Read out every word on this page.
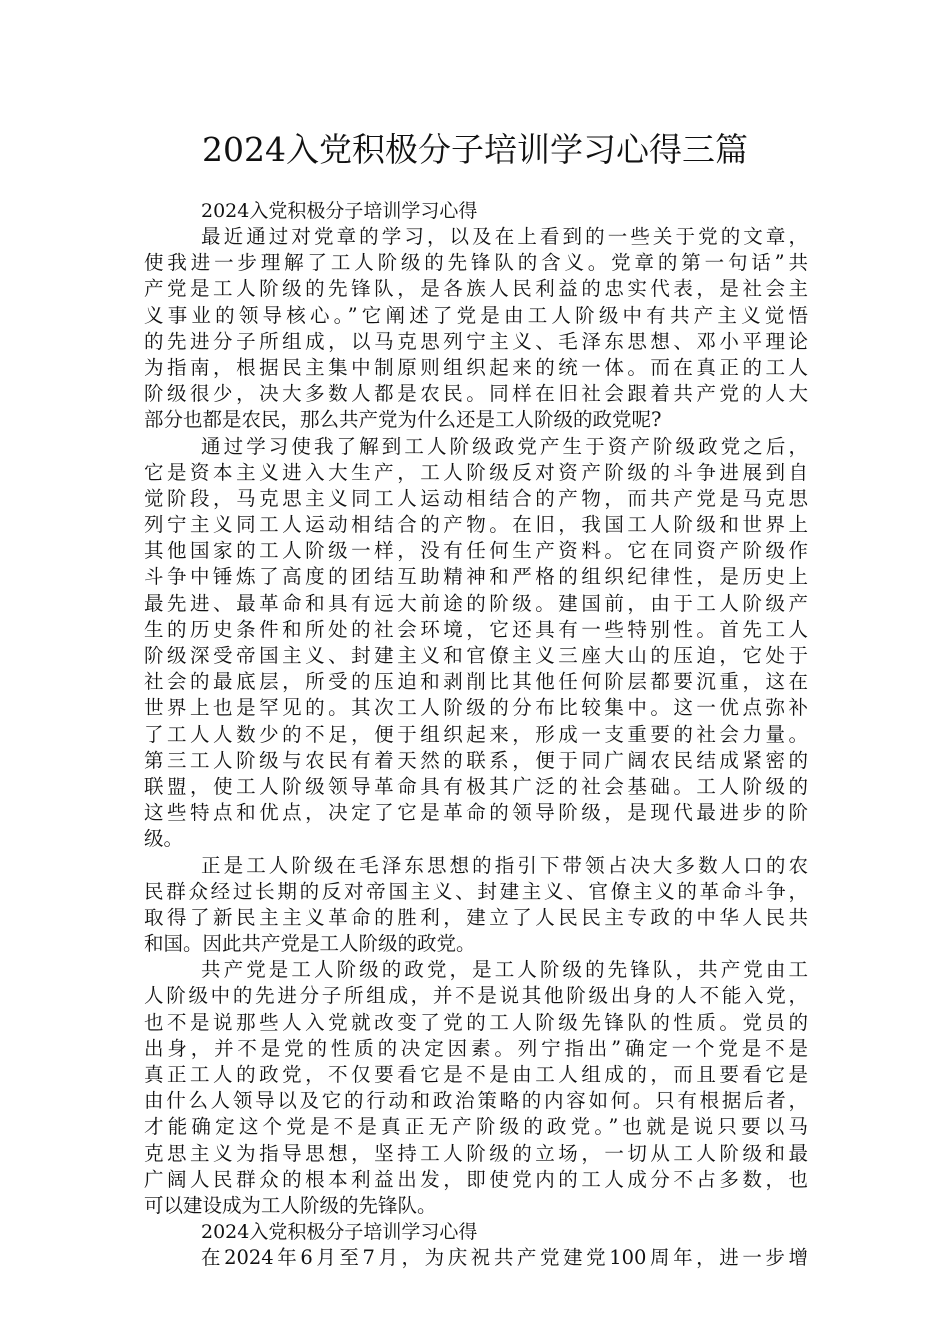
2024入党积极分子培训学习心得三篇

2024入党积极分子培训学习心得

最近通过对党章的学习，以及在上看到的一些关于党的文章，
使我进一步理解了工人阶级的先锋队的含义。党章的第一句话”共
产党是工人阶级的先锋队，是各族人民利益的忠实代表，是社会主
义事业的领导核心。”它阐述了党是由工人阶级中有共产主义觉悟
的先进分子所组成，以马克思列宁主义、毛泽东思想、邓小平理论
为指南，根据民主集中制原则组织起来的统一体。而在真正的工人
阶级很少，决大多数人都是农民。同样在旧社会跟着共产党的人大
部分也都是农民，那么共产党为什么还是工人阶级的政党呢?

通过学习使我了解到工人阶级政党产生于资产阶级政党之后，
它是资本主义进入大生产，工人阶级反对资产阶级的斗争进展到自
觉阶段，马克思主义同工人运动相结合的产物，而共产党是马克思
列宁主义同工人运动相结合的产物。在旧，我国工人阶级和世界上
其他国家的工人阶级一样，没有任何生产资料。它在同资产阶级作
斗争中锤炼了高度的团结互助精神和严格的组织纪律性，是历史上
最先进、最革命和具有远大前途的阶级。建国前，由于工人阶级产
生的历史条件和所处的社会环境，它还具有一些特别性。首先工人
阶级深受帝国主义、封建主义和官僚主义三座大山的压迫，它处于
社会的最底层，所受的压迫和剥削比其他任何阶层都要沉重，这在
世界上也是罕见的。其次工人阶级的分布比较集中。这一优点弥补
了工人人数少的不足，便于组织起来，形成一支重要的社会力量。
第三工人阶级与农民有着天然的联系，便于同广阔农民结成紧密的
联盟，使工人阶级领导革命具有极其广泛的社会基础。工人阶级的
这些特点和优点，决定了它是革命的领导阶级，是现代最进步的阶
级。

正是工人阶级在毛泽东思想的指引下带领占决大多数人口的农
民群众经过长期的反对帝国主义、封建主义、官僚主义的革命斗争，
取得了新民主主义革命的胜利，建立了人民民主专政的中华人民共
和国。因此共产党是工人阶级的政党。

共产党是工人阶级的政党，是工人阶级的先锋队，共产党由工
人阶级中的先进分子所组成，并不是说其他阶级出身的人不能入党，
也不是说那些人入党就改变了党的工人阶级先锋队的性质。党员的
出身，并不是党的性质的决定因素。列宁指出”确定一个党是不是
真正工人的政党，不仅要看它是不是由工人组成的，而且要看它是
由什么人领导以及它的行动和政治策略的内容如何。只有根据后者，
才能确定这个党是不是真正无产阶级的政党。”也就是说只要以马
克思主义为指导思想，坚持工人阶级的立场，一切从工人阶级和最
广阔人民群众的根本利益出发，即使党内的工人成分不占多数，也
可以建设成为工人阶级的先锋队。

2024入党积极分子培训学习心得

在2024年6月至7月，为庆祝共产党建党100周年，进一步增
